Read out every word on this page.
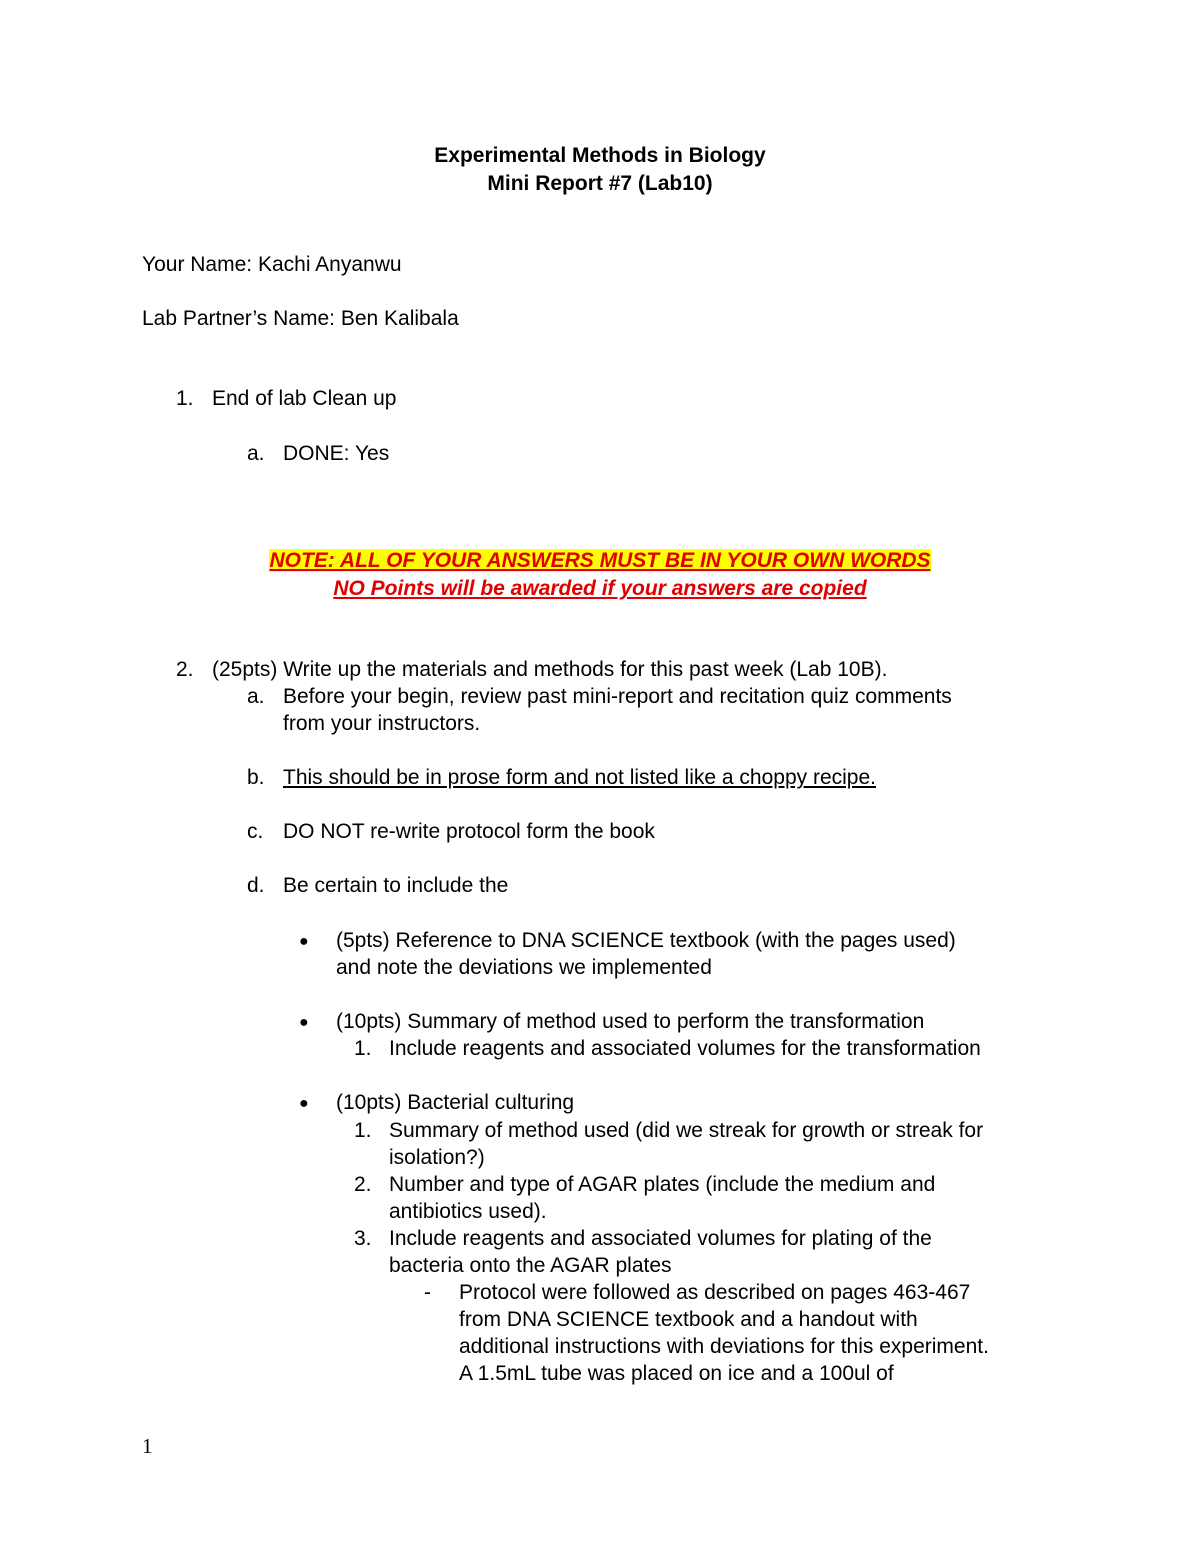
Experimental Methods in Biology
Mini Report #7 (Lab10)
Your Name: Kachi Anyanwu
Lab Partner’s Name: Ben Kalibala
1. End of lab Clean up
a. DONE: Yes
NOTE: ALL OF YOUR ANSWERS MUST BE IN YOUR OWN WORDS
NO Points will be awarded if your answers are copied
2. (25pts) Write up the materials and methods for this past week (Lab 10B).
a. Before your begin, review past mini-report and recitation quiz comments
from your instructors.
b. This should be in prose form and not listed like a choppy recipe.
c. DO NOT re-write protocol form the book
d. Be certain to include the
● (5pts) Reference to DNA SCIENCE textbook (with the pages used)
and note the deviations we implemented
● (10pts) Summary of method used to perform the transformation
1. Include reagents and associated volumes for the transformation
● (10pts) Bacterial culturing
1. Summary of method used (did we streak for growth or streak for
isolation?)
2. Number and type of AGAR plates (include the medium and
antibiotics used).
3. Include reagents and associated volumes for plating of the
bacteria onto the AGAR plates
- Protocol were followed as described on pages 463-467
from DNA SCIENCE textbook and a handout with
additional instructions with deviations for this experiment.
A 1.5mL tube was placed on ice and a 100ul of
1
